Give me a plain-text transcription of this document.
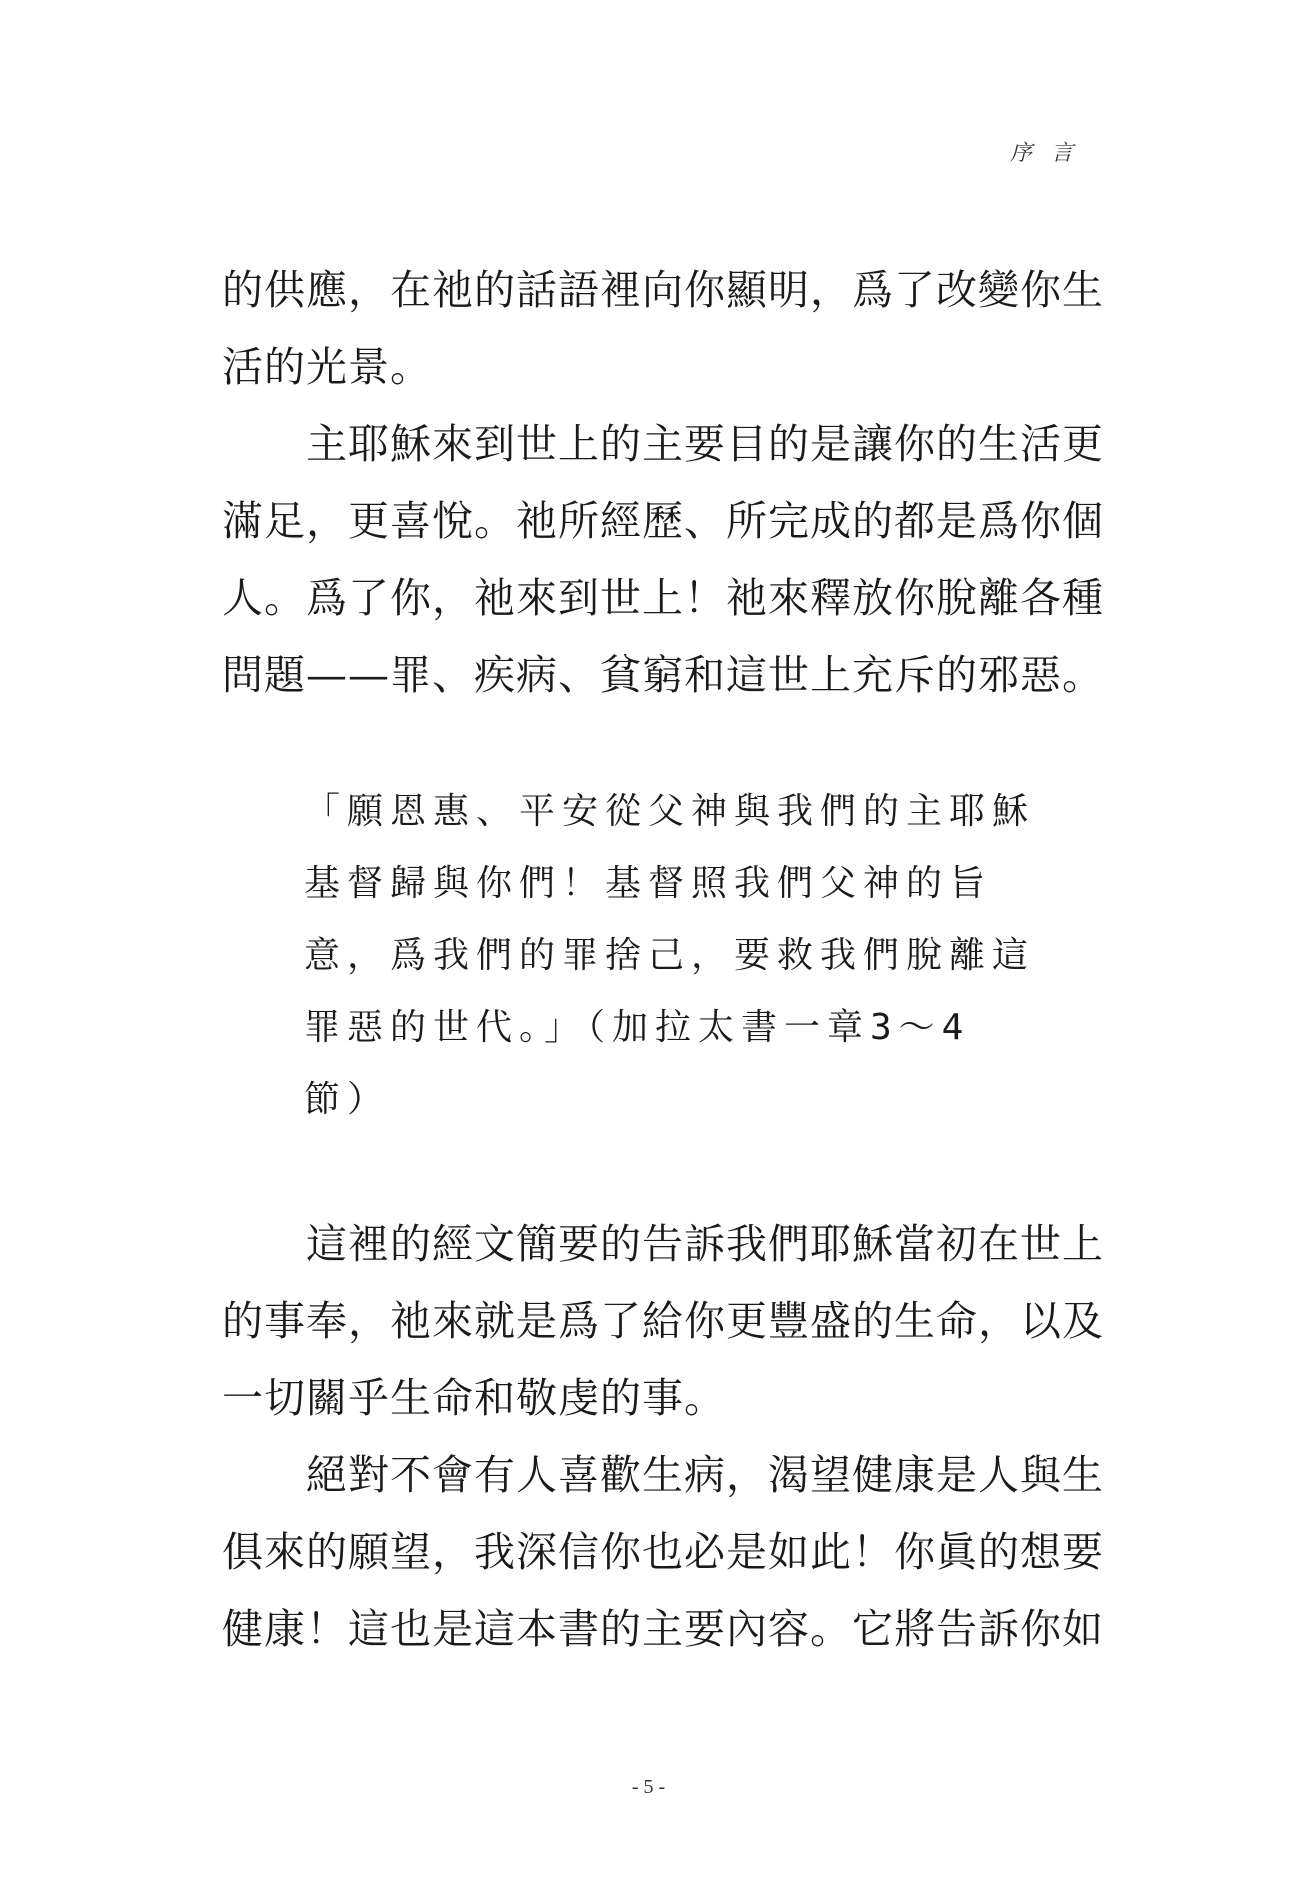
序 言
的供應，在祂的話語裡向你顯明，爲了改變你生
活的光景。
　　主耶穌來到世上的主要目的是讓你的生活更
滿足，更喜悅。祂所經歷、所完成的都是爲你個
人。爲了你，祂來到世上！祂來釋放你脫離各種
問題——罪、疾病、貧窮和這世上充斥的邪惡。
「願恩惠、平安從父神與我們的主耶穌
基督歸與你們！基督照我們父神的旨
意，爲我們的罪捨己，要救我們脫離這
罪惡的世代。」（加拉太書一章3～4
節）
　　這裡的經文簡要的告訴我們耶穌當初在世上
的事奉，祂來就是爲了給你更豐盛的生命，以及
一切關乎生命和敬虔的事。
　　絕對不會有人喜歡生病，渴望健康是人與生
俱來的願望，我深信你也必是如此！你眞的想要
健康！這也是這本書的主要內容。它將告訴你如
- 5 -
